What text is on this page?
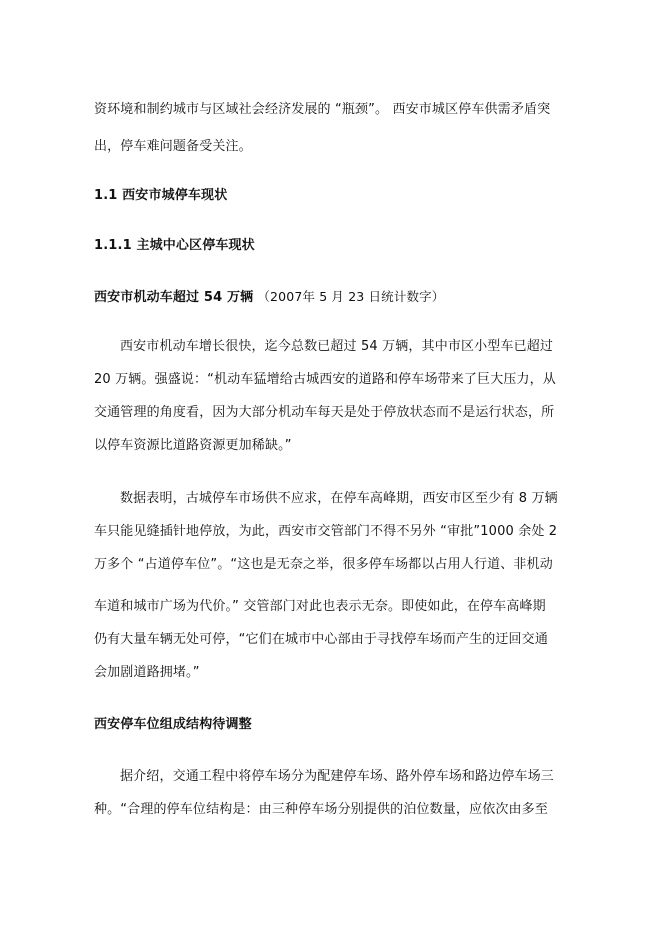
资环境和制约城市与区域社会经济发展的 “瓶颈”。 西安市城区停车供需矛盾突
出，停车难问题备受关注。
1.1 西安市城停车现状
1.1.1 主城中心区停车现状
西安市机动车超过 54 万辆 （2007年 5 月 23 日统计数字）
西安市机动车增长很快，迄今总数已超过 54 万辆，其中市区小型车已超过
20 万辆。强盛说：“机动车猛增给古城西安的道路和停车场带来了巨大压力，从
交通管理的角度看，因为大部分机动车每天是处于停放状态而不是运行状态，所
以停车资源比道路资源更加稀缺。”
数据表明，古城停车市场供不应求，在停车高峰期，西安市区至少有 8 万辆
车只能见缝插针地停放，为此，西安市交管部门不得不另外 “审批”1000 余处 2
万多个 “占道停车位”。“这也是无奈之举，很多停车场都以占用人行道、非机动
车道和城市广场为代价。” 交管部门对此也表示无奈。即使如此，在停车高峰期
仍有大量车辆无处可停，“它们在城市中心部由于寻找停车场而产生的迂回交通
会加剧道路拥堵。”
西安停车位组成结构待调整
据介绍，交通工程中将停车场分为配建停车场、路外停车场和路边停车场三
种。“合理的停车位结构是：由三种停车场分别提供的泊位数量，应依次由多至
